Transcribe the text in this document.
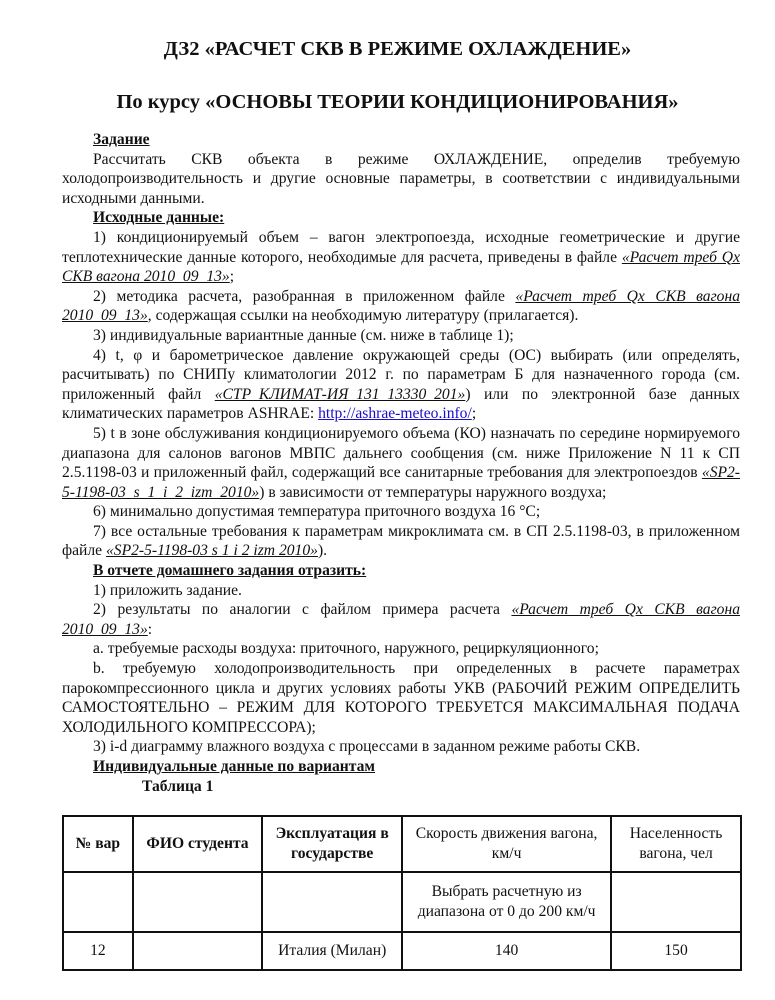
ДЗ2 «РАСЧЕТ СКВ В РЕЖИМЕ ОХЛАЖДЕНИЕ»
По курсу «ОСНОВЫ ТЕОРИИ КОНДИЦИОНИРОВАНИЯ»

Задание

Рассчитать СКВ объекта в режиме ОХЛАЖДЕНИЕ, определив требуемую холодопроизводительность и другие основные параметры, в соответствии с индивидуальными исходными данными.

Исходные данные:

1) кондиционируемый объем – вагон электропоезда, исходные геометрические и другие теплотехнические данные которого, необходимые для расчета, приведены в файле «Расчет треб Qх СКВ вагона 2010_09_13»;

2) методика расчета, разобранная в приложенном файле «Расчет треб Qх СКВ вагона 2010_09_13», содержащая ссылки на необходимую литературу (прилагается).

3) индивидуальные вариантные данные (см. ниже в таблице 1);

4) t, φ и барометрическое давление окружающей среды (ОС) выбирать (или определять, расчитывать) по СНИПу климатологии 2012 г. по параметрам Б для назначенного города (см. приложенный файл «СТР_КЛИМАТ-ИЯ_131_13330_201») или по электронной базе данных климатических параметров ASHRAE: http://ashrae-meteo.info/;

5) t в зоне обслуживания кондиционируемого объема (КО) назначать по середине нормируемого диапазона для салонов вагонов МВПС дальнего сообщения (см. ниже Приложение N 11 к СП 2.5.1198-03 и приложенный файл, содержащий все санитарные требования для электропоездов «SP2-5-1198-03_s_1_i_2_izm_2010») в зависимости от температуры наружного воздуха;

6) минимально допустимая температура приточного воздуха 16 °С;

7) все остальные требования к параметрам микроклимата см. в СП 2.5.1198-03, в приложенном файле «SP2-5-1198-03 s 1 i 2 izm 2010»).

В отчете домашнего задания отразить:

1) приложить задание.

2) результаты по аналогии с файлом примера расчета «Расчет треб Qх СКВ вагона 2010_09_13»:

a. требуемые расходы воздуха: приточного, наружного, рециркуляционного;

b. требуемую холодопроизводительность при определенных в расчете параметрах парокомпрессионного цикла и других условиях работы УКВ (РАБОЧИЙ РЕЖИМ ОПРЕДЕЛИТЬ САМОСТОЯТЕЛЬНО – РЕЖИМ ДЛЯ КОТОРОГО ТРЕБУЕТСЯ МАКСИМАЛЬНАЯ ПОДАЧА ХОЛОДИЛЬНОГО КОМПРЕССОРА);

3) i-d диаграмму влажного воздуха с процессами в заданном режиме работы СКВ.

Индивидуальные данные по вариантам

Таблица 1

№ вар	ФИО студента	Эксплуатация в государстве	Скорость движения вагона, км/ч	Населенность вагона, чел
			Выбрать расчетную из диапазона от 0 до 200 км/ч	
12		Италия (Милан)	140	150
